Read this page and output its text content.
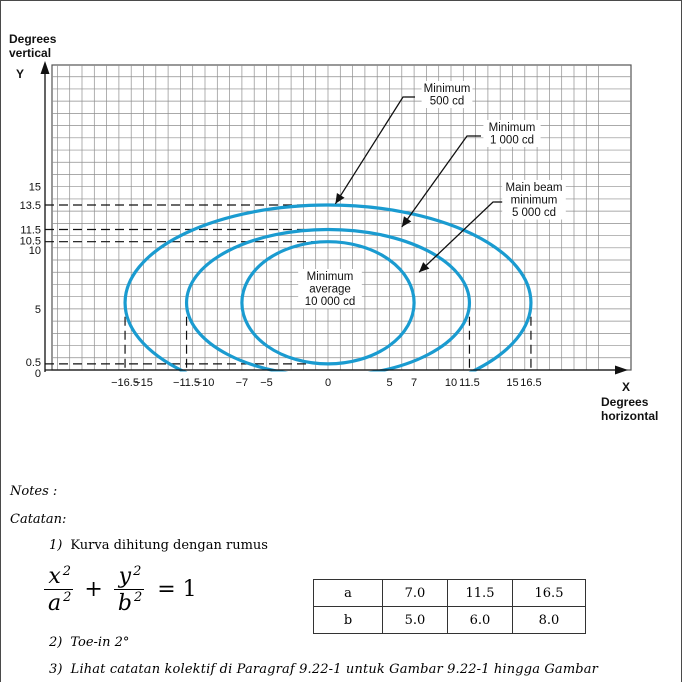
0
0.5
5
10
10.5
11.5
13.5
15
−16.5
−15 −11.5
−10 −7 −5	0	5 7	10 11.5 15 16.5
Minimum
500 cd
Minimum
1 000 cd
Main beam
minimum
5 000 cd
Minimum
average
10 000 cd
Degrees
vertical
Y
X
Degrees
horizontal
Notes :
Catatan:
1) Kurva dihitung dengan rumus
$\frac{x ^2}{a ^2} + \frac{y ^2}{b ^2} = 1$	a	7.0	11.5	16.5
b	5.0	6.0	8.0
2) Toe-in 2°
3) Lihat catatan kolektif di Paragraf 9.22-1 untuk Gambar 9.22-1 hingga Gambar
